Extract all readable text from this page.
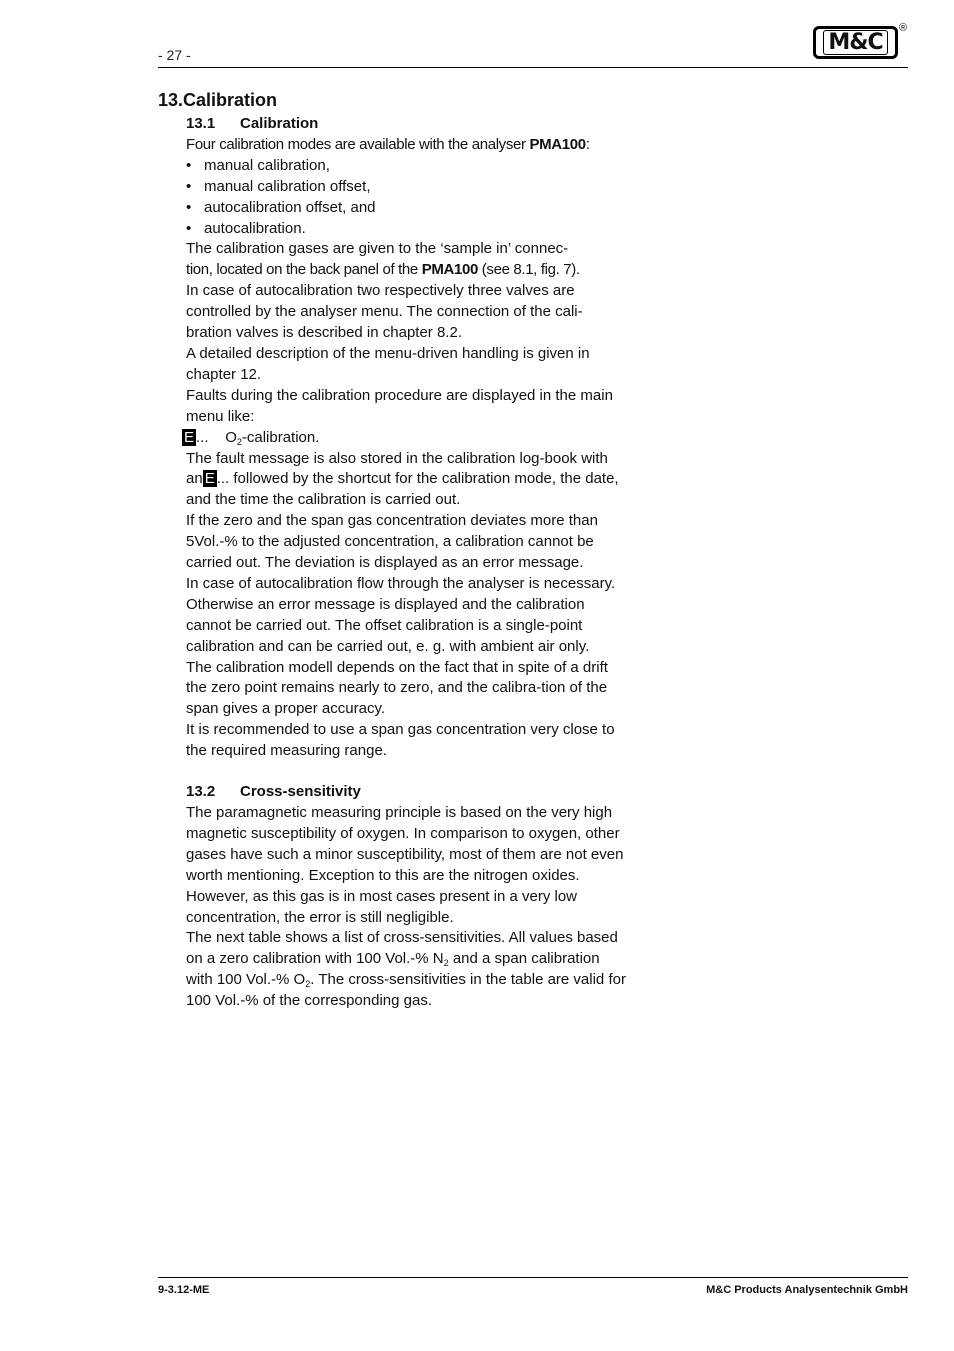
- 27 -	M&C
®
13.Calibration
13.1 Calibration

Four calibration modes are available with the analyser PMA100:

• manual calibration,
• manual calibration offset,
• autocalibration offset, and
• autocalibration.

The calibration gases are given to the ‘sample in’ connec-
tion, located on the back panel of the PMA100 (see 8.1, fig. 7).

In case of autocalibration two respectively three valves are controlled by the analyser menu. The connection of the cali-bration valves is described in chapter 8.2.

A detailed description of the menu-driven handling is given in chapter 12.

Faults during the calibration procedure are displayed in the main menu like:

E ...    $O_2$-calibration.

The fault message is also stored in the calibration log-book with an E ... followed by the shortcut for the calibration mode, the date, and the time the calibration is carried out.

If the zero and the span gas concentration deviates more than 5Vol.-% to the adjusted concentration, a calibration cannot be carried out. The deviation is displayed as an error message.

In case of autocalibration flow through the analyser is necessary. Otherwise an error message is displayed and the calibration cannot be carried out. The offset calibration is a single-point calibration and can be carried out, e. g. with ambient air only.

The calibration modell depends on the fact that in spite of a drift the zero point remains nearly to zero, and the calibra-tion of the span gives a proper accuracy.

It is recommended to use a span gas concentration very close to the required measuring range.

13.2 Cross-sensitivity

The paramagnetic measuring principle is based on the very high magnetic susceptibility of oxygen. In comparison to oxygen, other gases have such a minor susceptibility, most of them are not even worth mentioning. Exception to this are the nitrogen oxides. However, as this gas is in most cases present in a very low concentration, the error is still negligible.

The next table shows a list of cross-sensitivities. All values based on a zero calibration with 100 Vol.-% $N_2$ and a span calibration with 100 Vol.-% $O_2$. The cross-sensitivities in the table are valid for 100 Vol.-% of the corresponding gas.

9-3.12-ME	M&C Products Analysentechnik GmbH
